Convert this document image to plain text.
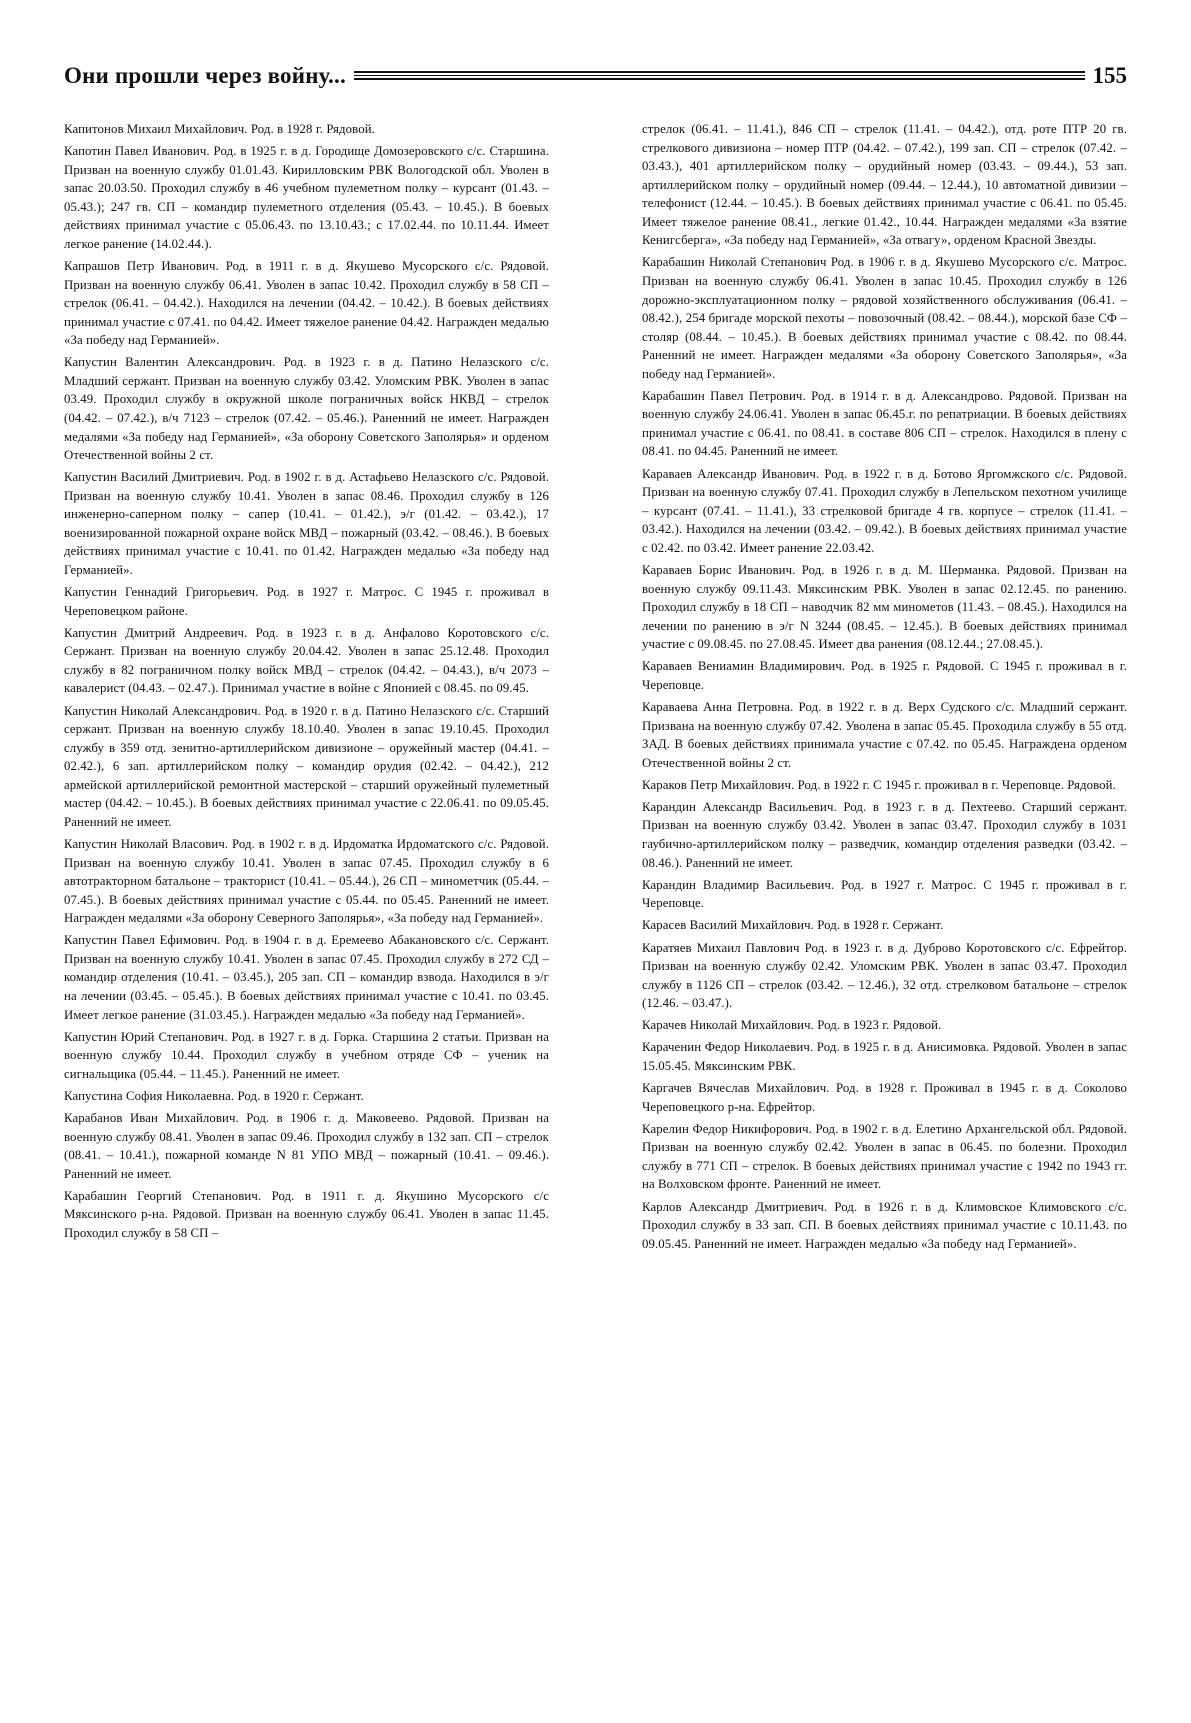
Они прошли через войну...	155

Капитонов Михаил Михайлович. Род. в 1928 г. Рядовой.

Капотин Павел Иванович. Род. в 1925 г. в д. Городище Домозеровского с/с. Старшина. Призван на военную службу 01.01.43. Кирилловским РВК Вологодской обл. Уволен в запас 20.03.50. Проходил службу в 46 учебном пулеметном полку – курсант (01.43. – 05.43.); 247 гв. СП – командир пулеметного отделения (05.43. – 10.45.). В боевых действиях принимал участие с 05.06.43. по 13.10.43.; с 17.02.44. по 10.11.44. Имеет легкое ранение (14.02.44.).

Капрашов Петр Иванович. Род. в 1911 г. в д. Якушево Мусорского с/с. Рядовой. Призван на военную службу 06.41. Уволен в запас 10.42. Проходил службу в 58 СП – стрелок (06.41. – 04.42.). Находился на лечении (04.42. – 10.42.). В боевых действиях принимал участие с 07.41. по 04.42. Имеет тяжелое ранение 04.42. Награжден медалью «За победу над Германией».

Капустин Валентин Александрович. Род. в 1923 г. в д. Патино Нелазского с/с. Младший сержант. Призван на военную службу 03.42. Уломским РВК. Уволен в запас 03.49. Проходил службу в окружной школе пограничных войск НКВД – стрелок (04.42. – 07.42.), в/ч 7123 – стрелок (07.42. – 05.46.). Раненний не имеет. Награжден медалями «За победу над Германией», «За оборону Советского Заполярья» и орденом Отечественной войны 2 ст.

Капустин Василий Дмитриевич. Род. в 1902 г. в д. Астафьево Нелазского с/с. Рядовой. Призван на военную службу 10.41. Уволен в запас 08.46. Проходил службу в 126 инженерно-саперном полку – сапер (10.41. – 01.42.), э/г (01.42. – 03.42.), 17 военизированной пожарной охране войск МВД – пожарный (03.42. – 08.46.). В боевых действиях принимал участие с 10.41. по 01.42. Награжден медалью «За победу над Германией».

Капустин Геннадий Григорьевич. Род. в 1927 г. Матрос. С 1945 г. проживал в Череповецком районе.

Капустин Дмитрий Андреевич. Род. в 1923 г. в д. Анфалово Коротовского с/с. Сержант. Призван на военную службу 20.04.42. Уволен в запас 25.12.48. Проходил службу в 82 пограничном полку войск МВД – стрелок (04.42. – 04.43.), в/ч 2073 – кавалерист (04.43. – 02.47.). Принимал участие в войне с Японией с 08.45. по 09.45.

Капустин Николай Александрович. Род. в 1920 г. в д. Патино Нелазского с/с. Старший сержант. Призван на военную службу 18.10.40. Уволен в запас 19.10.45. Проходил службу в 359 отд. зенитно-артиллерийском дивизионе – оружейный мастер (04.41. – 02.42.), 6 зап. артиллерийском полку – командир орудия (02.42. – 04.42.), 212 армейской артиллерийской ремонтной мастерской – старший оружейный пулеметный мастер (04.42. – 10.45.). В боевых действиях принимал участие с 22.06.41. по 09.05.45. Раненний не имеет.

Капустин Николай Власович. Род. в 1902 г. в д. Ирдоматка Ирдоматского с/с. Рядовой. Призван на военную службу 10.41. Уволен в запас 07.45. Проходил службу в 6 автотракторном батальоне – тракторист (10.41. – 05.44.), 26 СП – минометчик (05.44. – 07.45.). В боевых действиях принимал участие с 05.44. по 05.45. Раненний не имеет. Награжден медалями «За оборону Северного Заполярья», «За победу над Германией».

Капустин Павел Ефимович. Род. в 1904 г. в д. Еремеево Абакановского с/с. Сержант. Призван на военную службу 10.41. Уволен в запас 07.45. Проходил службу в 272 СД – командир отделения (10.41. – 03.45.), 205 зап. СП – командир взвода. Находился в э/г на лечении (03.45. – 05.45.). В боевых действиях принимал участие с 10.41. по 03.45. Имеет легкое ранение (31.03.45.). Награжден медалью «За победу над Германией».

Капустин Юрий Степанович. Род. в 1927 г. в д. Горка. Старшина 2 статьи. Призван на военную службу 10.44. Проходил службу в учебном отряде СФ – ученик на сигнальщика (05.44. – 11.45.). Раненний не имеет.

Капустина София Николаевна. Род. в 1920 г. Сержант.

Карабанов Иван Михайлович. Род. в 1906 г. д. Маковеево. Рядовой. Призван на военную службу 08.41. Уволен в запас 09.46. Проходил службу в 132 зап. СП – стрелок (08.41. – 10.41.), пожарной команде N 81 УПО МВД – пожарный (10.41. – 09.46.). Раненний не имеет.

Карабашин Георгий Степанович. Род. в 1911 г. д. Якушино Мусорского с/с Мяксинского р-на. Рядовой. Призван на военную службу 06.41. Уволен в запас 11.45. Проходил службу в 58 СП –

стрелок (06.41. – 11.41.), 846 СП – стрелок (11.41. – 04.42.), отд. роте ПТР 20 гв. стрелкового дивизиона – номер ПТР (04.42. – 07.42.), 199 зап. СП – стрелок (07.42. – 03.43.), 401 артиллерийском полку – орудийный номер (03.43. – 09.44.), 53 зап. артиллерийском полку – орудийный номер (09.44. – 12.44.), 10 автоматной дивизии – телефонист (12.44. – 10.45.). В боевых действиях принимал участие с 06.41. по 05.45. Имеет тяжелое ранение 08.41., легкие 01.42., 10.44. Награжден медалями «За взятие Кенигсберга», «За победу над Германией», «За отвагу», орденом Красной Звезды.

Карабашин Николай Степанович Род. в 1906 г. в д. Якушево Мусорского с/с. Матрос. Призван на военную службу 06.41. Уволен в запас 10.45. Проходил службу в 126 дорожно-эксплуатационном полку – рядовой хозяйственного обслуживания (06.41. – 08.42.), 254 бригаде морской пехоты – повозочный (08.42. – 08.44.), морской базе СФ – столяр (08.44. – 10.45.). В боевых действиях принимал участие с 08.42. по 08.44. Раненний не имеет. Награжден медалями «За оборону Советского Заполярья», «За победу над Германией».

Карабашин Павел Петрович. Род. в 1914 г. в д. Александрово. Рядовой. Призван на военную службу 24.06.41. Уволен в запас 06.45.г. по репатриации. В боевых действиях принимал участие с 06.41. по 08.41. в составе 806 СП – стрелок. Находился в плену с 08.41. по 04.45. Раненний не имеет.

Караваев Александр Иванович. Род. в 1922 г. в д. Ботово Яргомжского с/с. Рядовой. Призван на военную службу 07.41. Проходил службу в Лепельском пехотном училище – курсант (07.41. – 11.41.), 33 стрелковой бригаде 4 гв. корпусе – стрелок (11.41. – 03.42.). Находился на лечении (03.42. – 09.42.). В боевых действиях принимал участие с 02.42. по 03.42. Имеет ранение 22.03.42.

Караваев Борис Иванович. Род. в 1926 г. в д. М. Шерманка. Рядовой. Призван на военную службу 09.11.43. Мяксинским РВК. Уволен в запас 02.12.45. по ранению. Проходил службу в 18 СП – наводчик 82 мм минометов (11.43. – 08.45.). Находился на лечении по ранению в э/г N 3244 (08.45. – 12.45.). В боевых действиях принимал участие с 09.08.45. по 27.08.45. Имеет два ранения (08.12.44.; 27.08.45.).

Караваев Вениамин Владимирович. Род. в 1925 г. Рядовой. С 1945 г. проживал в г. Череповце.

Караваева Анна Петровна. Род. в 1922 г. в д. Верх Судского с/с. Младший сержант. Призвана на военную службу 07.42. Уволена в запас 05.45. Проходила службу в 55 отд. ЗАД. В боевых действиях принимала участие с 07.42. по 05.45. Награждена орденом Отечественной войны 2 ст.

Караков Петр Михайлович. Род. в 1922 г. С 1945 г. проживал в г. Череповце. Рядовой.

Карандин Александр Васильевич. Род. в 1923 г. в д. Пехтеево. Старший сержант. Призван на военную службу 03.42. Уволен в запас 03.47. Проходил службу в 1031 гаубично-артиллерийском полку – разведчик, командир отделения разведки (03.42. – 08.46.). Раненний не имеет.

Карандин Владимир Васильевич. Род. в 1927 г. Матрос. С 1945 г. проживал в г. Череповце.

Карасев Василий Михайлович. Род. в 1928 г. Сержант.

Каратяев Михаил Павлович Род. в 1923 г. в д. Дуброво Коротовского с/с. Ефрейтор. Призван на военную службу 02.42. Уломским РВК. Уволен в запас 03.47. Проходил службу в 1126 СП – стрелок (03.42. – 12.46.), 32 отд. стрелковом батальоне – стрелок (12.46. – 03.47.).

Карачев Николай Михайлович. Род. в 1923 г. Рядовой.

Караченин Федор Николаевич. Род. в 1925 г. в д. Анисимовка. Рядовой. Уволен в запас 15.05.45. Мяксинским РВК.

Каргачев Вячеслав Михайлович. Род. в 1928 г. Проживал в 1945 г. в д. Соколово Череповецкого р-на. Ефрейтор.

Карелин Федор Никифорович. Род. в 1902 г. в д. Елетино Архангельской обл. Рядовой. Призван на военную службу 02.42. Уволен в запас в 06.45. по болезни. Проходил службу в 771 СП – стрелок. В боевых действиях принимал участие с 1942 по 1943 гг. на Волховском фронте. Раненний не имеет.

Карлов Александр Дмитриевич. Род. в 1926 г. в д. Климовское Климовского с/с. Проходил службу в 33 зап. СП. В боевых действиях принимал участие с 10.11.43. по 09.05.45. Раненний не имеет. Награжден медалью «За победу над Германией».
